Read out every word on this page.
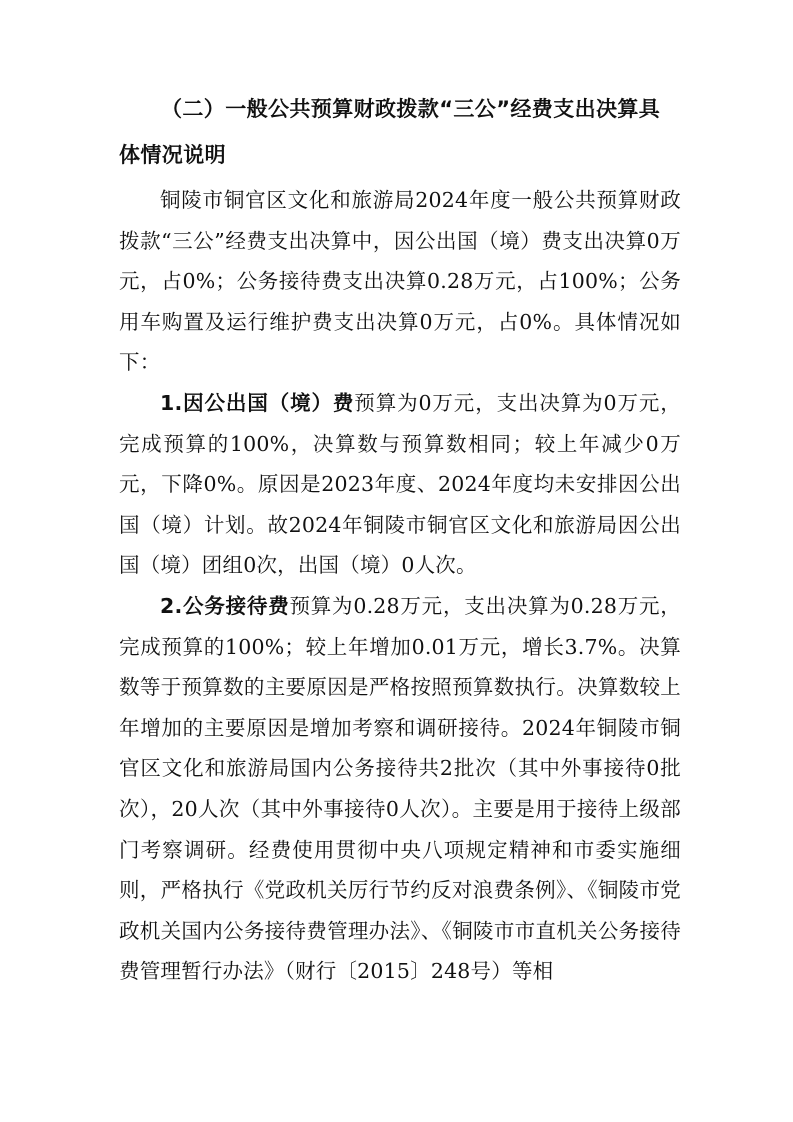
（二）一般公共预算财政拨款“三公”经费支出决算具体情况说明

铜陵市铜官区文化和旅游局2024年度一般公共预算财政拨款“三公”经费支出决算中，因公出国（境）费支出决算0万元，占0%；公务接待费支出决算0.28万元，占100%；公务用车购置及运行维护费支出决算0万元，占0%。具体情况如下：

1.因公出国（境）费预算为0万元，支出决算为0万元，完成预算的100%，决算数与预算数相同；较上年减少0万元，下降0%。原因是2023年度、2024年度均未安排因公出国（境）计划。故2024年铜陵市铜官区文化和旅游局因公出国（境）团组0次，出国（境）0人次。

2.公务接待费预算为0.28万元，支出决算为0.28万元，完成预算的100%；较上年增加0.01万元，增长3.7%。决算数等于预算数的主要原因是严格按照预算数执行。决算数较上年增加的主要原因是增加考察和调研接待。2024年铜陵市铜官区文化和旅游局国内公务接待共2批次（其中外事接待0批次），20人次（其中外事接待0人次）。主要是用于接待上级部门考察调研。经费使用贯彻中央八项规定精神和市委实施细则，严格执行《党政机关厉行节约反对浪费条例》、《铜陵市党政机关国内公务接待费管理办法》、《铜陵市市直机关公务接待费管理暂行办法》（财行〔2015〕248号）等相
